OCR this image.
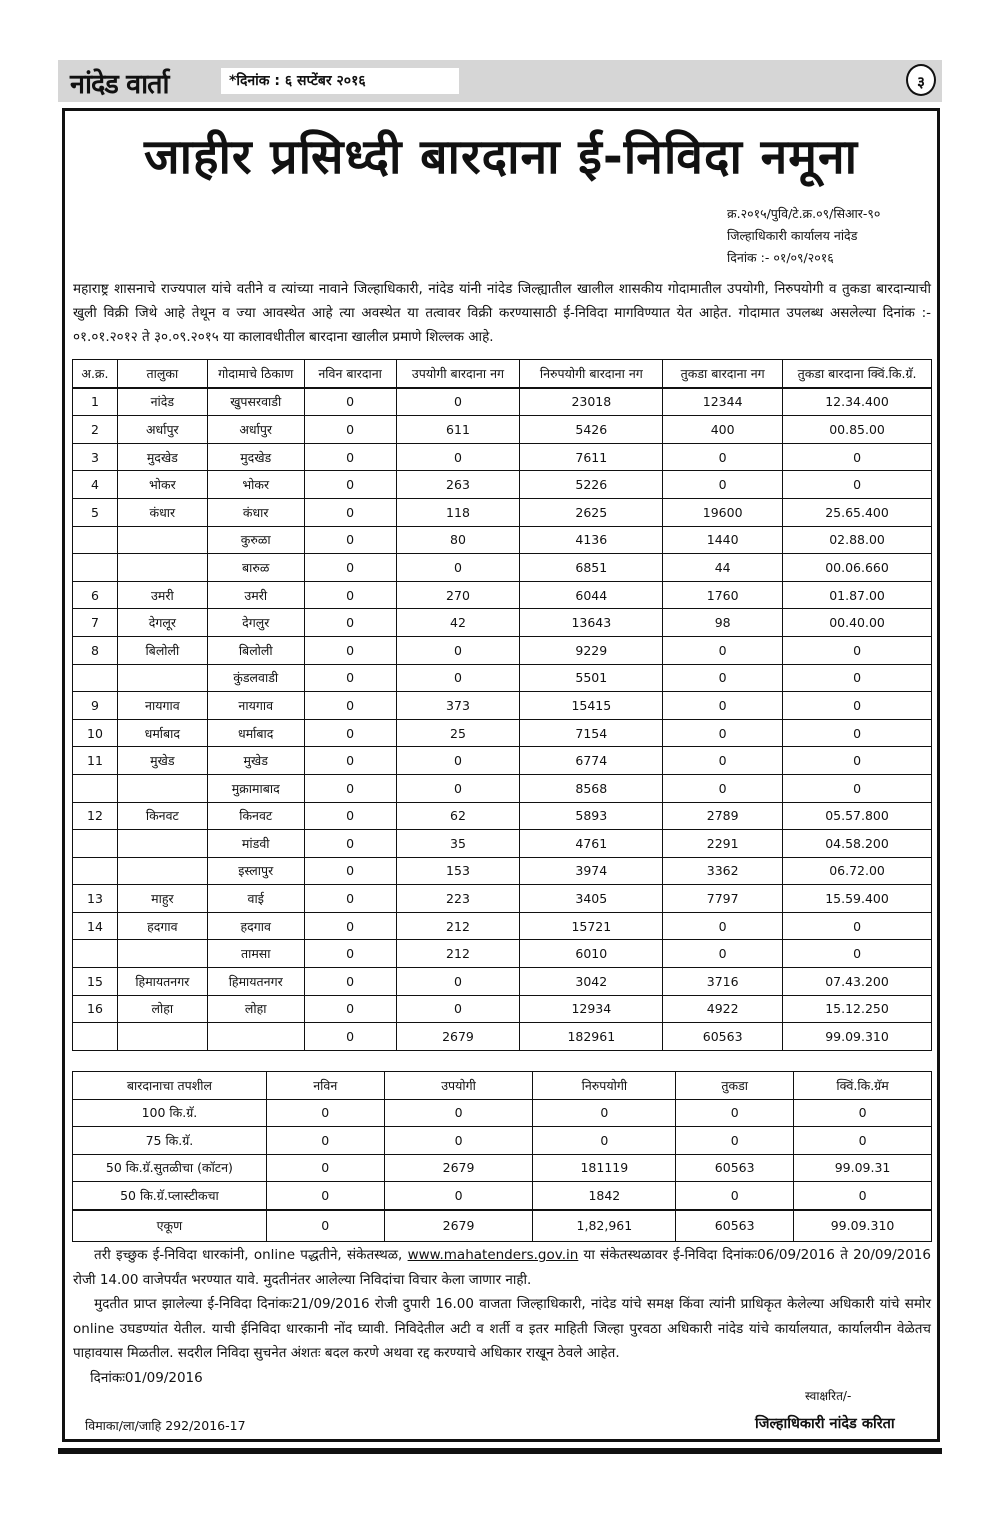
नांदेड वार्ता	*दिनांक : ६ सप्टेंबर २०१६	३
जाहीर प्रसिध्दी बारदाना ई-निविदा नमूना
क्र.२०१५/पुवि/टे.क्र.०९/सिआर-९०
जिल्हाधिकारी कार्यालय नांदेड
दिनांक :- ०१/०९/२०१६
महाराष्ट्र शासनाचे राज्यपाल यांचे वतीने व त्यांच्या नावाने जिल्हाधिकारी, नांदेड यांनी नांदेड जिल्ह्यातील खालील शासकीय गोदामातील उपयोगी, निरुपयोगी व तुकडा बारदान्याची खुली विक्री जिथे आहे तेथून व ज्या आवस्थेत आहे त्या अवस्थेत या तत्वावर विक्री करण्यासाठी ई-निविदा मागविण्यात येत आहेत. गोदामात उपलब्ध असलेल्या दिनांक :- ०१.०१.२०१२ ते ३०.०९.२०१५ या कालावधीतील बारदाना खालील प्रमाणे शिल्लक आहे.
अ.क्र.	तालुका	गोदामाचे ठिकाण	नविन बारदाना	उपयोगी बारदाना नग	निरुपयोगी बारदाना नग	तुकडा बारदाना नग	तुकडा बारदाना क्विं.कि.ग्रॅ.
1	नांदेड	खुपसरवाडी	0	0	23018	12344	12.34.400
2	अर्धापुर	अर्धापुर	0	611	5426	400	00.85.00
3	मुदखेड	मुदखेड	0	0	7611	0	0
4	भोकर	भोकर	0	263	5226	0	0
5	कंधार	कंधार	0	118	2625	19600	25.65.400
		कुरुळा	0	80	4136	1440	02.88.00
		बारुळ	0	0	6851	44	00.06.660
6	उमरी	उमरी	0	270	6044	1760	01.87.00
7	देगलूर	देगलुर	0	42	13643	98	00.40.00
8	बिलोली	बिलोली	0	0	9229	0	0
		कुंडलवाडी	0	0	5501	0	0
9	नायगाव	नायगाव	0	373	15415	0	0
10	धर्माबाद	धर्माबाद	0	25	7154	0	0
11	मुखेड	मुखेड	0	0	6774	0	0
		मुक्रामाबाद	0	0	8568	0	0
12	किनवट	किनवट	0	62	5893	2789	05.57.800
		मांडवी	0	35	4761	2291	04.58.200
		इस्लापुर	0	153	3974	3362	06.72.00
13	माहुर	वाई	0	223	3405	7797	15.59.400
14	हदगाव	हदगाव	0	212	15721	0	0
		तामसा	0	212	6010	0	0
15	हिमायतनगर	हिमायतनगर	0	0	3042	3716	07.43.200
16	लोहा	लोहा	0	0	12934	4922	15.12.250
			0	2679	182961	60563	99.09.310
बारदानाचा तपशील	नविन	उपयोगी	निरुपयोगी	तुकडा	क्विं.कि.ग्रॅम
100 कि.ग्रॅ.	0	0	0	0	0
75 कि.ग्रॅ.	0	0	0	0	0
50 कि.ग्रॅ.सुतळीचा (कॉटन)	0	2679	181119	60563	99.09.31
50 कि.ग्रॅ.प्लास्टीकचा	0	0	1842	0	0
एकूण	0	2679	1,82,961	60563	99.09.310
तरी इच्छुक ई-निविदा धारकांनी, online पद्धतीने, संकेतस्थळ, www.mahatenders.gov.in या संकेतस्थळावर ई-निविदा दिनांकः06/09/2016 ते 20/09/2016 रोजी 14.00 वाजेपर्यंत भरण्यात यावे. मुदतीनंतर आलेल्या निविदांचा विचार केला जाणार नाही.
मुदतीत प्राप्त झालेल्या ई-निविदा दिनांकः21/09/2016 रोजी दुपारी 16.00 वाजता जिल्हाधिकारी, नांदेड यांचे समक्ष किंवा त्यांनी प्राधिकृत केलेल्या अधिकारी यांचे समोर online उघडण्यांत येतील. याची ईनिविदा धारकानी नोंद घ्यावी. निविदेतील अटी व शर्ती व इतर माहिती जिल्हा पुरवठा अधिकारी नांदेड यांचे कार्यालयात, कार्यालयीन वेळेतच पाहावयास मिळतील. सदरील निविदा सुचनेत अंशतः बदल करणे अथवा रद्द करण्याचे अधिकार राखून ठेवले आहेत.
दिनांकः01/09/2016
स्वाक्षरित/-
विमाका/ला/जाहि 292/2016-17	जिल्हाधिकारी नांदेड करिता
